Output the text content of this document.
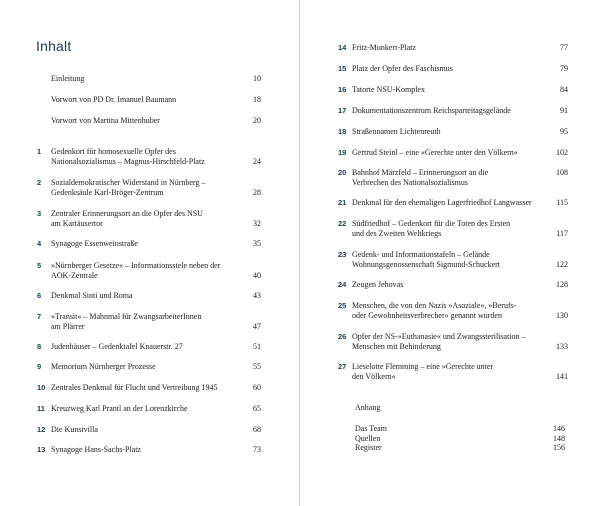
Inhalt
Einleitung	10
Vorwort von PD Dr. Imanuel Baumann	18
Vorwort von Martina Mittenhuber	20
1	Gedenkort für homosexuelle Opfer des
Nationalsozialismus – Magnus-Hirschfeld-Platz	24
2	Sozialdemokratischer Widerstand in Nürnberg –
Gedenksäule Karl-Bröger-Zentrum	28
3	Zentraler Erinnerungsort an die Opfer des NSU
am Kartäusertor	32
4	Synagoge Essenweinstraße	35
5	»Nürnberger Gesetze« – Informationsstele neben der
AOK-Zentrale	40
6	Denkmal Sinti und Roma	43
7	»Transit« – Mahnmal für ZwangsarbeiterInnen
am Plärrer	47
8	Judenhäuser – Gedenktafel Knauerstr. 27	51
9	Memorium Nürnberger Prozesse	55
10 Zentrales Denkmal für Flucht und Vertreibung 1945	60
11 Kreuzweg Karl Prantl an der Lorenzkirche	65
12 Die Kunstvilla	68
13 Synagoge Hans-Sachs-Platz	73
14 Fritz-Munkert-Platz	77
15 Platz der Opfer des Faschismus	79
16 Tatorte NSU-Komplex	84
17 Dokumentationszentrum Reichsparteitagsgelände	91
18 Straßennamen Lichtenreuth	95
19 Gertrud Steinl – eine »Gerechte unter den Völkern«	102
20 Bahnhof Märzfeld – Erinnerungsort an die
Verbrechen des Nationalsozialismus
108
21 Denkmal für den ehemaligen Lagerfriedhof Langwasser	115
22 Südfriedhof – Gedenkort für die Toten des Ersten
und des Zweiten Weltkriegs	117
23 Gedenk- und Informationstafeln – Gelände
Wohnungsgenossenschaft Sigmund-Schuckert	122
24 Zeugen Jehovas	128
25 Menschen, die von den Nazis »Asoziale«, »Berufs-
oder Gewohnheitsverbrecher« genannt wurden	130
26 Opfer der NS-»Euthanasie« und Zwangssterilisation –
Menschen mit Behinderung	133
27 Lieselotte Flemming – eine »Gerechte unter
den Völkern«	141
Anhang
Das Team	146
Quellen	148
Register	156
